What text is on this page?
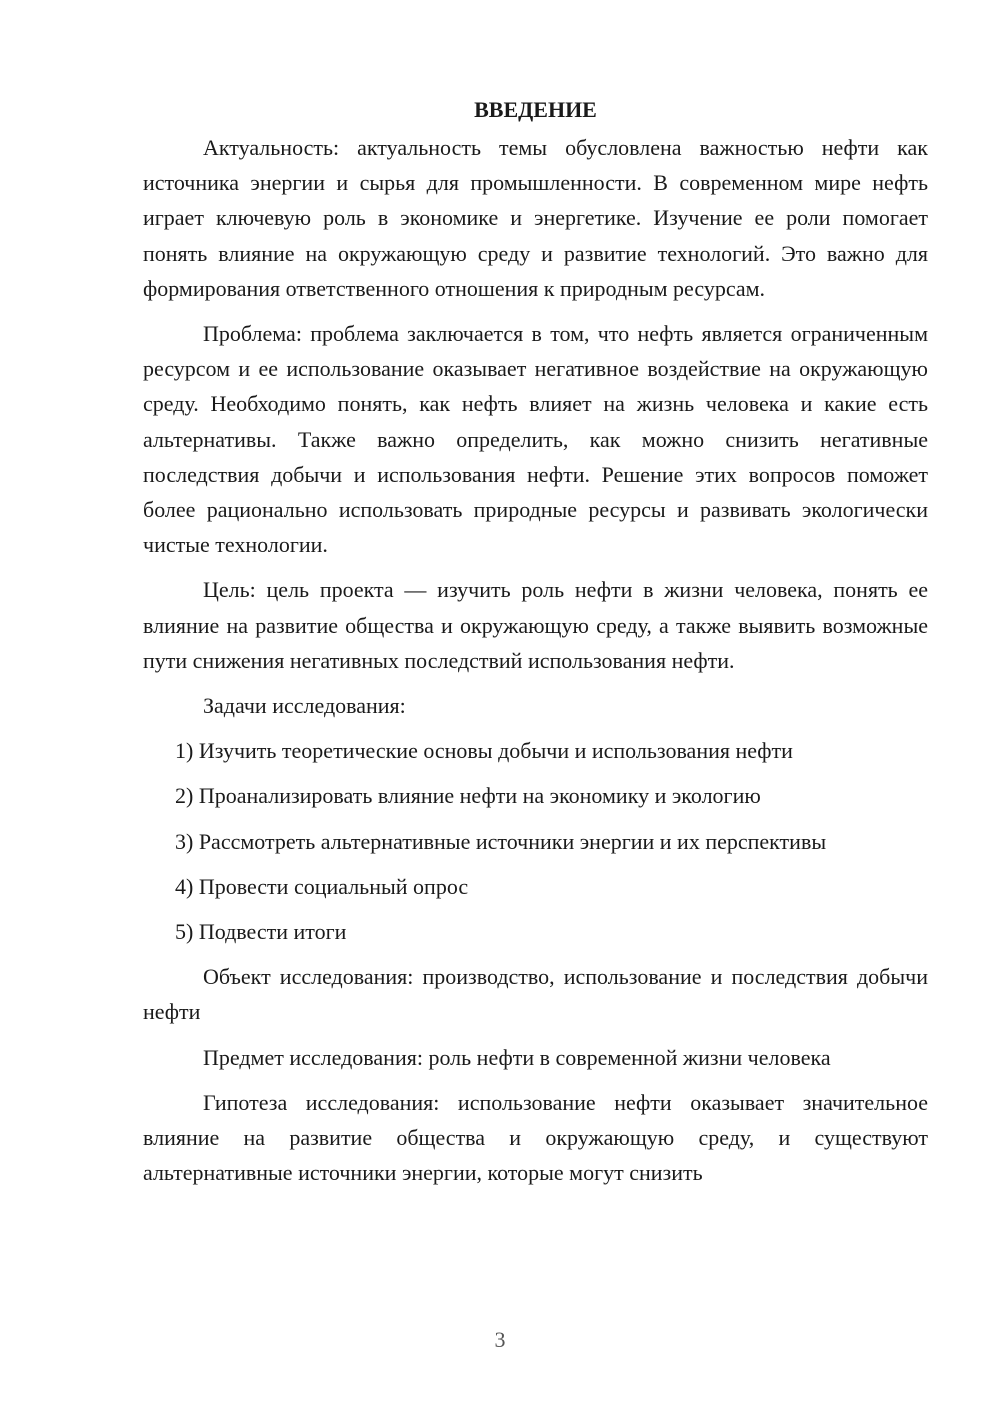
ВВЕДЕНИЕ

Актуальность: актуальность темы обусловлена важностью нефти как источника энергии и сырья для промышленности. В современном мире нефть играет ключевую роль в экономике и энергетике. Изучение ее роли помогает понять влияние на окружающую среду и развитие технологий. Это важно для формирования ответственного отношения к природным ресурсам.

Проблема: проблема заключается в том, что нефть является ограниченным ресурсом и ее использование оказывает негативное воздействие на окружающую среду. Необходимо понять, как нефть влияет на жизнь человека и какие есть альтернативы. Также важно определить, как можно снизить негативные последствия добычи и использования нефти. Решение этих вопросов поможет более рационально использовать природные ресурсы и развивать экологически чистые технологии.

Цель: цель проекта — изучить роль нефти в жизни человека, понять ее влияние на развитие общества и окружающую среду, а также выявить возможные пути снижения негативных последствий использования нефти.

Задачи исследования:

1) Изучить теоретические основы добычи и использования нефти
2) Проанализировать влияние нефти на экономику и экологию
3) Рассмотреть альтернативные источники энергии и их перспективы
4) Провести социальный опрос
5) Подвести итоги

Объект исследования: производство, использование и последствия добычи нефти

Предмет исследования: роль нефти в современной жизни человека

Гипотеза исследования: использование нефти оказывает значительное влияние на развитие общества и окружающую среду, и существуют альтернативные источники энергии, которые могут снизить

3
